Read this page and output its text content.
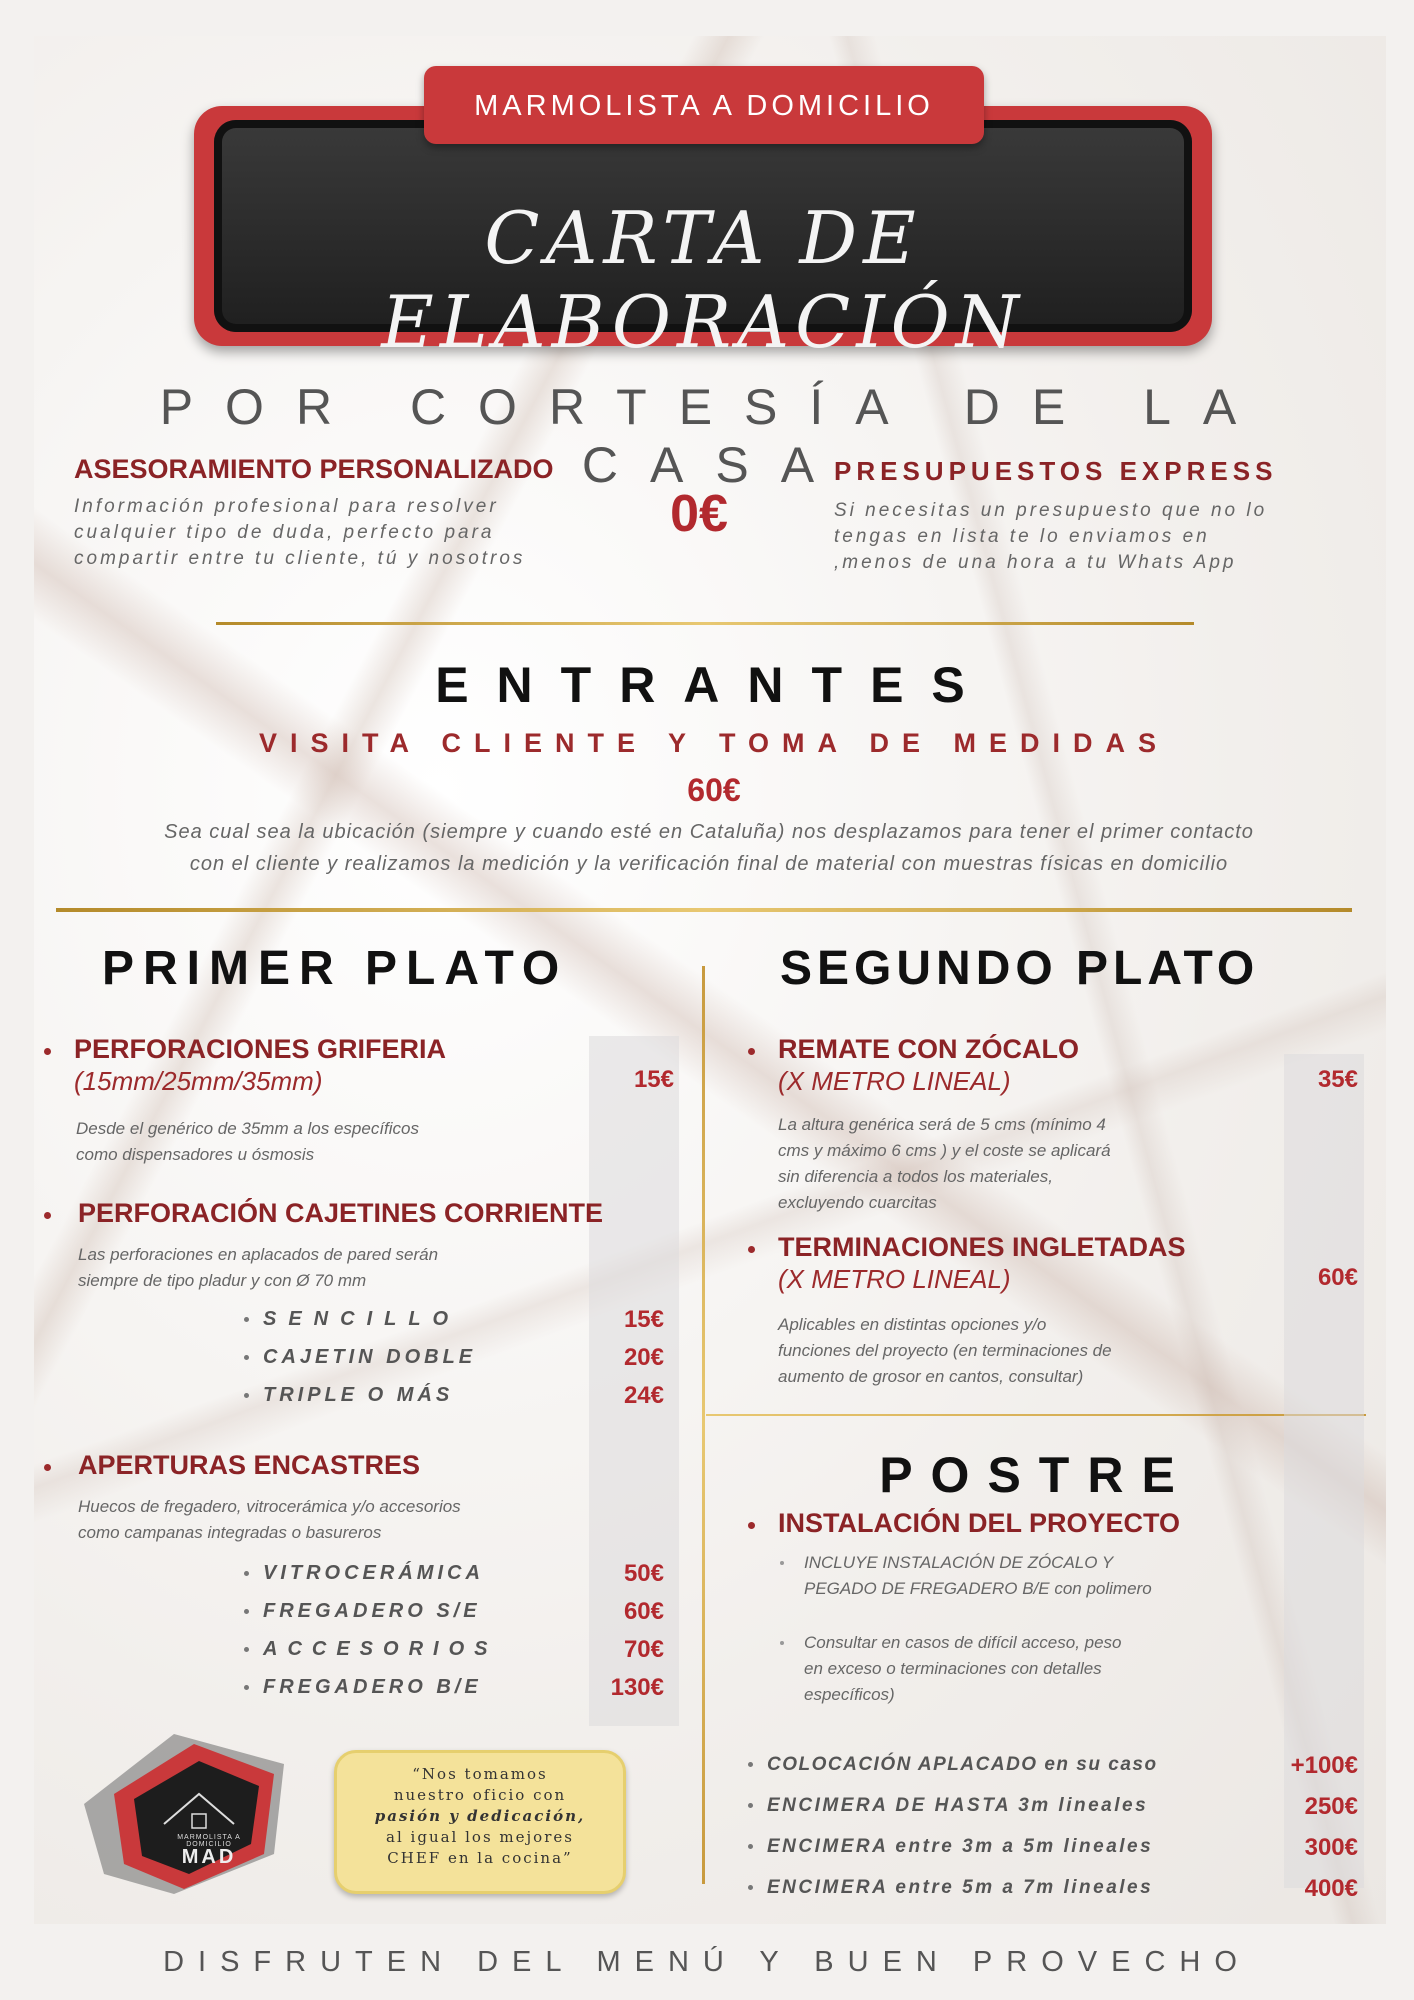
CARTA DE ELABORACIÓN
MARMOLISTA A DOMICILIO
POR CORTESÍA DE LA CASA
ASESORAMIENTO PERSONALIZADO
Información profesional para resolver
cualquier tipo de duda, perfecto para
compartir entre tu cliente, tú y nosotros
0€
PRESUPUESTOS EXPRESS
Si necesitas un presupuesto que no lo
tengas en lista te lo enviamos en
,menos de una hora a tu Whats App
ENTRANTES
VISITA CLIENTE Y TOMA DE MEDIDAS
60€
Sea cual sea la ubicación (siempre y cuando esté en Cataluña) nos desplazamos para tener el primer contacto
con el cliente y realizamos la medición y la verificación final de material con muestras físicas en domicilio
PRIMER PLATO
PERFORACIONES GRIFERIA
(15mm/25mm/35mm)	15€
Desde el genérico de 35mm a los específicos
como dispensadores u ósmosis
PERFORACIÓN CAJETINES CORRIENTE
Las perforaciones en aplacados de pared serán
siempre de tipo pladur y con Ø 70 mm
SENCILLO	15€
CAJETIN DOBLE	20€
TRIPLE O MÁS	24€
APERTURAS ENCASTRES
Huecos de fregadero, vitrocerámica y/o accesorios
como campanas integradas o basureros
VITROCERÁMICA	50€
FREGADERO S/E	60€
ACCESORIOS	70€
FREGADERO B/E	130€
SEGUNDO PLATO
REMATE CON ZÓCALO
(X METRO LINEAL)	35€
La altura genérica será de 5 cms (mínimo 4
cms y máximo 6 cms ) y el coste se aplicará
sin diferencia a todos los materiales,
excluyendo cuarcitas
TERMINACIONES INGLETADAS
(X METRO LINEAL)	60€
Aplicables en distintas opciones y/o
funciones del proyecto (en terminaciones de
aumento de grosor en cantos, consultar)
POSTRE
INSTALACIÓN DEL PROYECTO
INCLUYE INSTALACIÓN DE ZÓCALO Y
PEGADO DE FREGADERO B/E con polimero
Consultar en casos de difícil acceso, peso
en exceso o terminaciones con detalles
específicos)
COLOCACIÓN APLACADO en su caso	+100€
ENCIMERA DE HASTA 3m lineales	250€
ENCIMERA entre 3m a 5m lineales	300€
ENCIMERA entre 5m a 7m lineales	400€
MARMOLISTA A DOMICILIO
MAD
“Nos tomamos
nuestro oficio con
pasión y dedicación,
al igual los mejores
CHEF en la cocina”
DISFRUTEN DEL MENÚ Y BUEN PROVECHO
